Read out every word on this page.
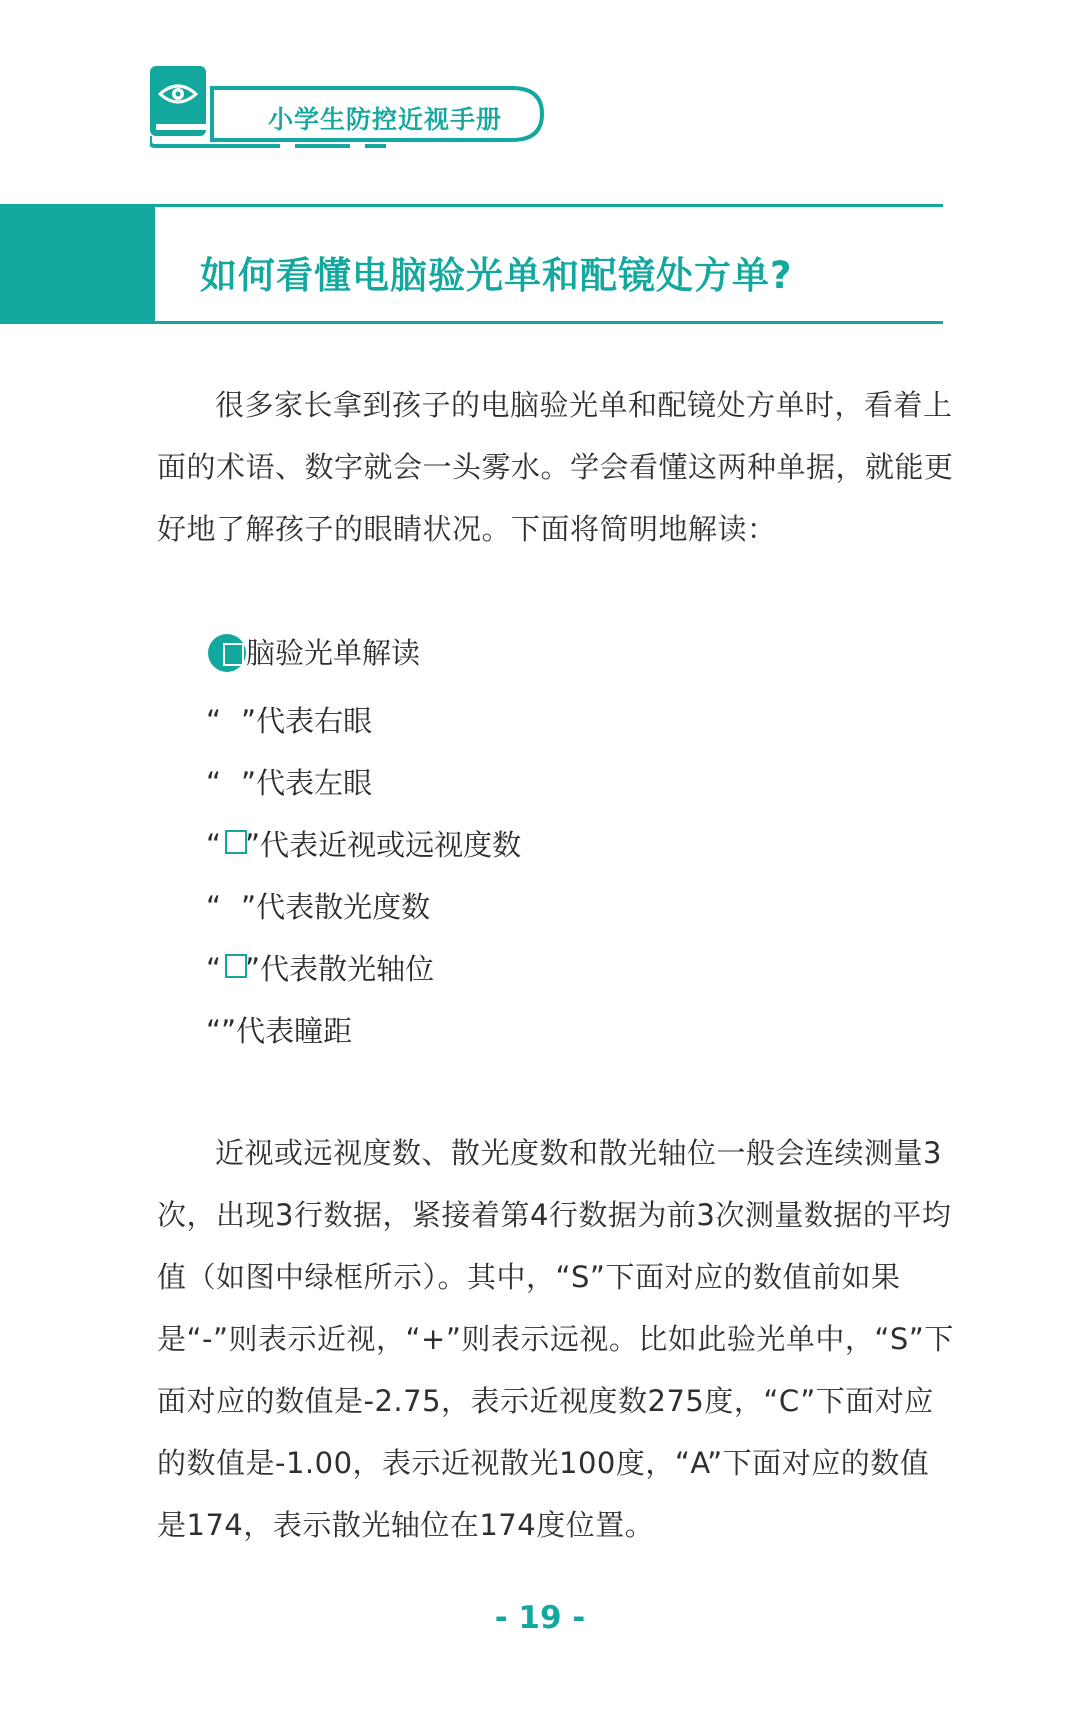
小学生防控近视手册
如何看懂电脑验光单和配镜处方单?

很多家长拿到孩子的电脑验光单和配镜处方单时，看着上面的术语、数字就会一头雾水。学会看懂这两种单据，就能更好地了解孩子的眼睛状况。下面将简明地解读：

脑验光单解读
“ ” 代表右眼
“ ” 代表左眼
“ ” 代表近视或远视度数
“ ” 代表散光度数
“ ” 代表散光轴位
“ ” 代表瞳距

近视或远视度数、散光度数和散光轴位一般会连续测量3次，出现3行数据，紧接着第4行数据为前3次测量数据的平均值（如图中绿框所示）。其中，“S”下面对应的数值前如果是“-”则表示近视，“+”则表示远视。比如此验光单中，“S”下面对应的数值是-2.75，表示近视度数275度，“C”下面对应的数值是-1.00，表示近视散光100度，“A”下面对应的数值是174，表示散光轴位在174度位置。

- 19 -
